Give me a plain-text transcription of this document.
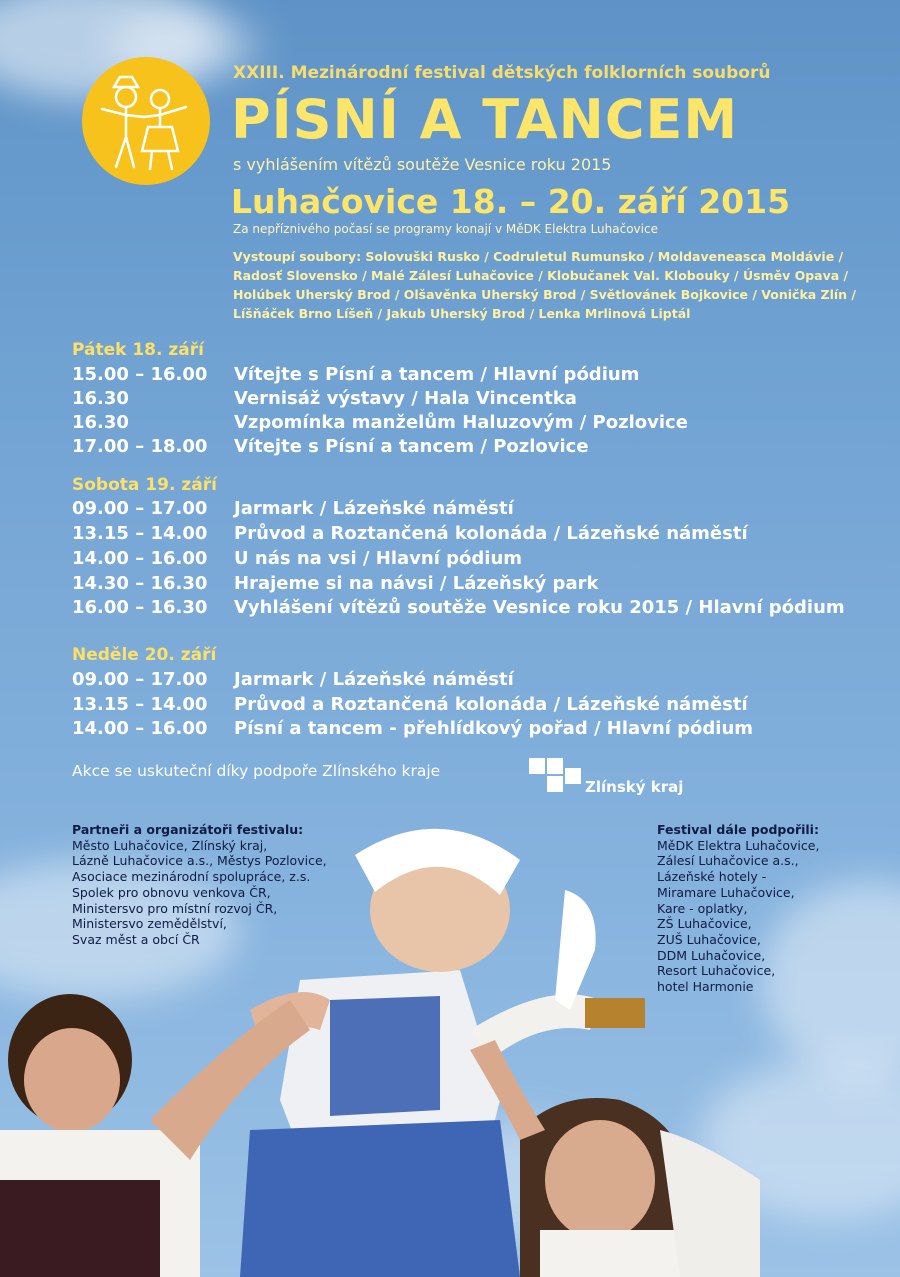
XXIII. Mezinárodní festival dětských folklorních souborů
PÍSNÍ A TANCEM
s vyhlášením vítězů soutěže Vesnice roku 2015
Luhačovice 18. – 20. září 2015
Za nepříznivého počasí se programy konají v MěDK Elektra Luhačovice
Vystoupí soubory: Solovuški Rusko / Codruletul Rumunsko / Moldaveneasca Moldávie / Radosť Slovensko / Malé Zálesí Luhačovice / Klobučanek Val. Klobouky / Úsměv Opava / Holúbek Uherský Brod / Olšavěnka Uherský Brod / Světlovánek Bojkovice / Vonička Zlín / Líšňáček Brno Líšeň / Jakub Uherský Brod / Lenka Mrlinová Liptál
Pátek 18. září
15.00 – 16.00 Vítejte s Písní a tancem / Hlavní pódium
16.30	Vernisáž výstavy / Hala Vincentka
16.30	Vzpomínka manželům Haluzovým / Pozlovice
17.00 – 18.00 Vítejte s Písní a tancem / Pozlovice
Sobota 19. září
09.00 – 17.00 Jarmark / Lázeňské náměstí
13.15 – 14.00 Průvod a Roztančená kolonáda / Lázeňské náměstí
14.00 – 16.00 U nás na vsi / Hlavní pódium
14.30 – 16.30 Hrajeme si na návsi / Lázeňský park
16.00 – 16.30 Vyhlášení vítězů soutěže Vesnice roku 2015 / Hlavní pódium
Neděle 20. září
09.00 – 17.00 Jarmark / Lázeňské náměstí
13.15 – 14.00 Průvod a Roztančená kolonáda / Lázeňské náměstí
14.00 – 16.00 Písní a tancem - přehlídkový pořad / Hlavní pódium
Akce se uskuteční díky podpoře Zlínského kraje
Zlínský kraj
Partneři a organizátoři festivalu:
Město Luhačovice, Zlínský kraj,
Lázně Luhačovice a.s., Městys Pozlovice,
Asociace mezinárodní spolupráce, z.s.
Spolek pro obnovu venkova ČR,
Ministersvo pro místní rozvoj ČR,
Ministersvo zemědělství,
Svaz měst a obcí ČR
Festival dále podpořili:
MěDK Elektra Luhačovice,
Zálesí Luhačovice a.s.,
Lázeňské hotely -
Miramare Luhačovice,
Kare - oplatky,
ZŠ Luhačovice,
ZUŠ Luhačovice,
DDM Luhačovice,
Resort Luhačovice,
hotel Harmonie
